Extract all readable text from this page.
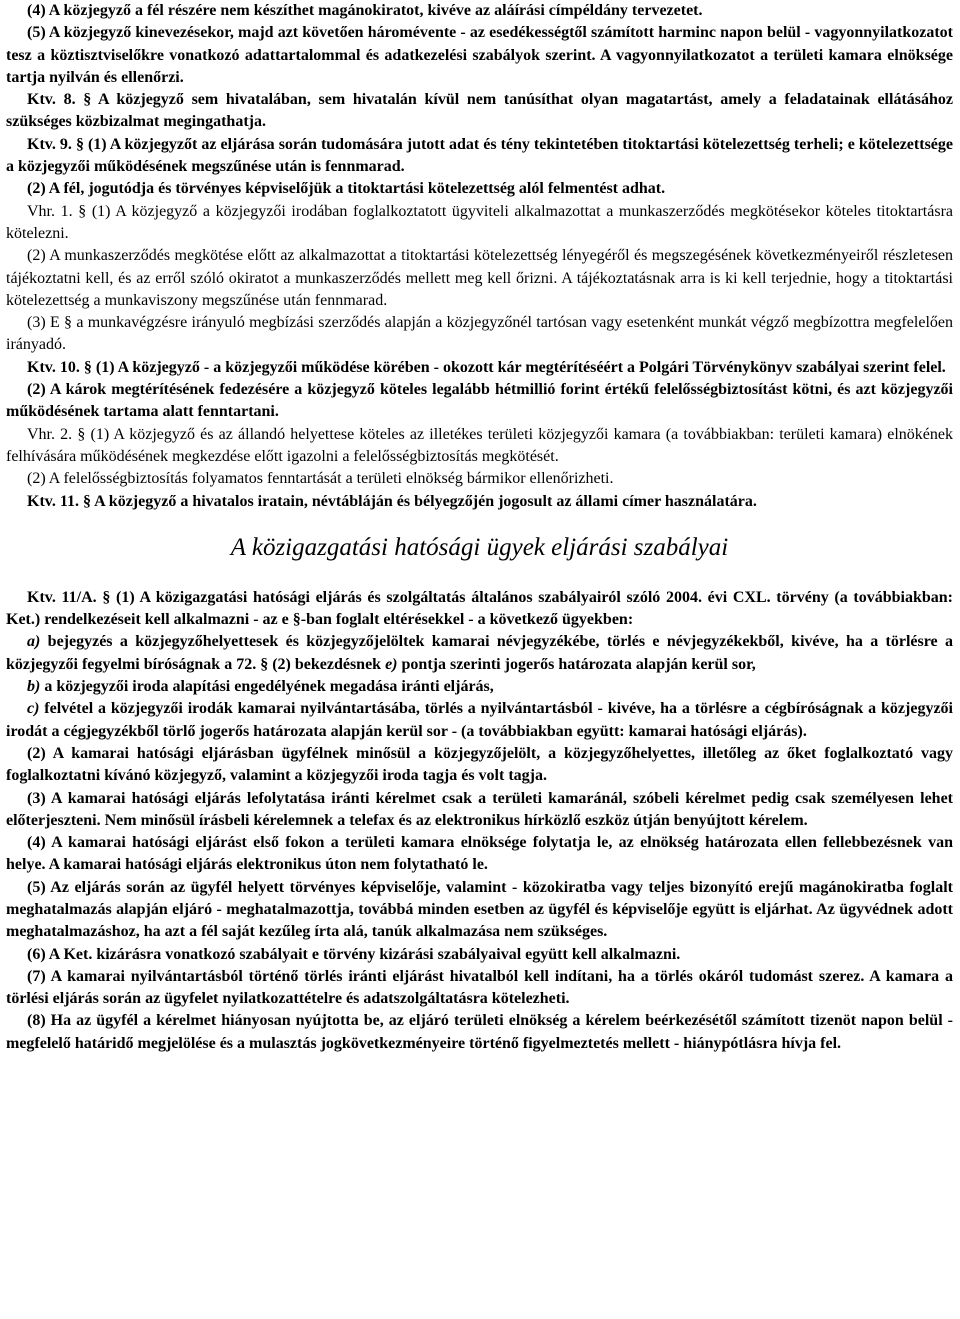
(4) A közjegyző a fél részére nem készíthet magánokiratot, kivéve az aláírási címpéldány tervezetet.

(5) A közjegyző kinevezésekor, majd azt követően háromévente - az esedékességtől számított harminc napon belül - vagyonnyilatkozatot tesz a köztisztviselőkre vonatkozó adattartalommal és adatkezelési szabályok szerint. A vagyonnyilatkozatot a területi kamara elnöksége tartja nyilván és ellenőrzi.

Ktv. 8. § A közjegyző sem hivatalában, sem hivatalán kívül nem tanúsíthat olyan magatartást, amely a feladatainak ellátásához szükséges közbizalmat megingathatja.

Ktv. 9. § (1) A közjegyzőt az eljárása során tudomására jutott adat és tény tekintetében titoktartási kötelezettség terheli; e kötelezettsége a közjegyzői működésének megszűnése után is fennmarad.

(2) A fél, jogutódja és törvényes képviselőjük a titoktartási kötelezettség alól felmentést adhat.

Vhr. 1. § (1) A közjegyző a közjegyzői irodában foglalkoztatott ügyviteli alkalmazottat a munkaszerződés megkötésekor köteles titoktartásra kötelezni.

(2) A munkaszerződés megkötése előtt az alkalmazottat a titoktartási kötelezettség lényegéről és megszegésének következményeiről részletesen tájékoztatni kell, és az erről szóló okiratot a munkaszerződés mellett meg kell őrizni. A tájékoztatásnak arra is ki kell terjednie, hogy a titoktartási kötelezettség a munkaviszony megszűnése után fennmarad.

(3) E § a munkavégzésre irányuló megbízási szerződés alapján a közjegyzőnél tartósan vagy esetenként munkát végző megbízottra megfelelően irányadó.

Ktv. 10. § (1) A közjegyző - a közjegyzői működése körében - okozott kár megtérítéséért a Polgári Törvénykönyv szabályai szerint felel.

(2) A károk megtérítésének fedezésére a közjegyző köteles legalább hétmillió forint értékű felelősségbiztosítást kötni, és azt közjegyzői működésének tartama alatt fenntartani.

Vhr. 2. § (1) A közjegyző és az állandó helyettese köteles az illetékes területi közjegyzői kamara (a továbbiakban: területi kamara) elnökének felhívására működésének megkezdése előtt igazolni a felelősségbiztosítás megkötését.

(2) A felelősségbiztosítás folyamatos fenntartását a területi elnökség bármikor ellenőrizheti.

Ktv. 11. § A közjegyző a hivatalos iratain, névtábláján és bélyegzőjén jogosult az állami címer használatára.

A közigazgatási hatósági ügyek eljárási szabályai

Ktv. 11/A. § (1) A közigazgatási hatósági eljárás és szolgáltatás általános szabályairól szóló 2004. évi CXL. törvény (a továbbiakban: Ket.) rendelkezéseit kell alkalmazni - az e §-ban foglalt eltérésekkel - a következő ügyekben:

a) bejegyzés a közjegyzőhelyettesek és közjegyzőjelöltek kamarai névjegyzékébe, törlés e névjegyzékekből, kivéve, ha a törlésre a közjegyzői fegyelmi bíróságnak a 72. § (2) bekezdésnek e) pontja szerinti jogerős határozata alapján kerül sor,

b) a közjegyzői iroda alapítási engedélyének megadása iránti eljárás,

c) felvétel a közjegyzői irodák kamarai nyilvántartásába, törlés a nyilvántartásból - kivéve, ha a törlésre a cégbíróságnak a közjegyzői irodát a cégjegyzékből törlő jogerős határozata alapján kerül sor - (a továbbiakban együtt: kamarai hatósági eljárás).

(2) A kamarai hatósági eljárásban ügyfélnek minősül a közjegyzőjelölt, a közjegyzőhelyettes, illetőleg az őket foglalkoztató vagy foglalkoztatni kívánó közjegyző, valamint a közjegyzői iroda tagja és volt tagja.

(3) A kamarai hatósági eljárás lefolytatása iránti kérelmet csak a területi kamaránál, szóbeli kérelmet pedig csak személyesen lehet előterjeszteni. Nem minősül írásbeli kérelemnek a telefax és az elektronikus hírközlő eszköz útján benyújtott kérelem.

(4) A kamarai hatósági eljárást első fokon a területi kamara elnöksége folytatja le, az elnökség határozata ellen fellebbezésnek van helye. A kamarai hatósági eljárás elektronikus úton nem folytatható le.

(5) Az eljárás során az ügyfél helyett törvényes képviselője, valamint - közokiratba vagy teljes bizonyító erejű magánokiratba foglalt meghatalmazás alapján eljáró - meghatalmazottja, továbbá minden esetben az ügyfél és képviselője együtt is eljárhat. Az ügyvédnek adott meghatalmazáshoz, ha azt a fél saját kezűleg írta alá, tanúk alkalmazása nem szükséges.

(6) A Ket. kizárásra vonatkozó szabályait e törvény kizárási szabályaival együtt kell alkalmazni.

(7) A kamarai nyilvántartásból történő törlés iránti eljárást hivatalból kell indítani, ha a törlés okáról tudomást szerez. A kamara a törlési eljárás során az ügyfelet nyilatkozattételre és adatszolgáltatásra kötelezheti.

(8) Ha az ügyfél a kérelmet hiányosan nyújtotta be, az eljáró területi elnökség a kérelem beérkezésétől számított tizenöt napon belül - megfelelő határidő megjelölése és a mulasztás jogkövetkezményeire történő figyelmeztetés mellett - hiánypótlásra hívja fel.
